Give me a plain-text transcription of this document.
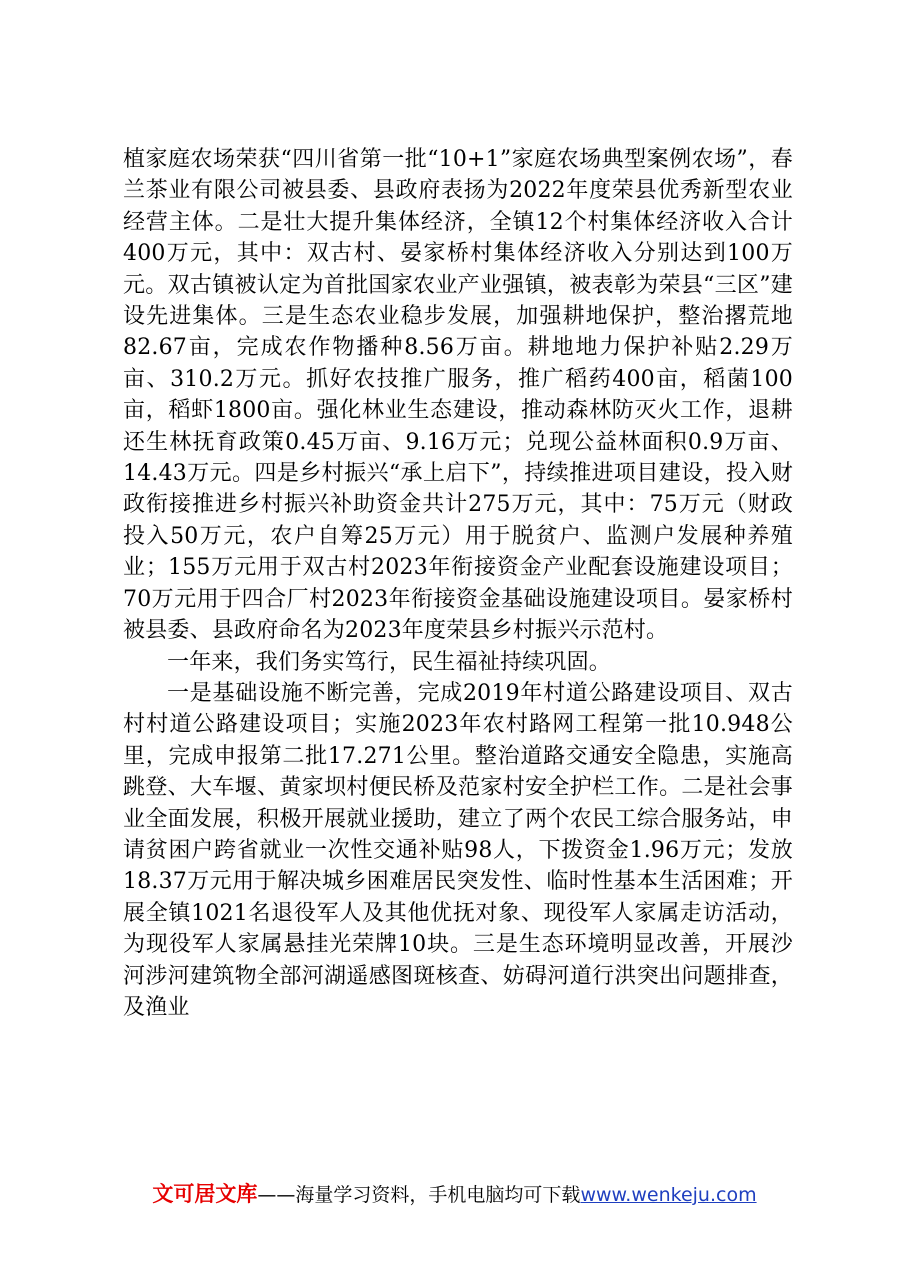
植家庭农场荣获“四川省第一批“10+1”家庭农场典型案例农场”，春兰茶业有限公司被县委、县政府表扬为2022年度荣县优秀新型农业经营主体。二是壮大提升集体经济，全镇12个村集体经济收入合计400万元，其中：双古村、晏家桥村集体经济收入分别达到100万元。双古镇被认定为首批国家农业产业强镇，被表彰为荣县“三区”建设先进集体。三是生态农业稳步发展，加强耕地保护，整治撂荒地82.67亩，完成农作物播种8.56万亩。耕地地力保护补贴2.29万亩、310.2万元。抓好农技推广服务，推广稻药400亩，稻菌100亩，稻虾1800亩。强化林业生态建设，推动森林防灭火工作，退耕还生林抚育政策0.45万亩、9.16万元；兑现公益林面积0.9万亩、14.43万元。四是乡村振兴“承上启下”，持续推进项目建设，投入财政衔接推进乡村振兴补助资金共计275万元，其中：75万元（财政投入50万元，农户自筹25万元）用于脱贫户、监测户发展种养殖业；155万元用于双古村2023年衔接资金产业配套设施建设项目；70万元用于四合厂村2023年衔接资金基础设施建设项目。晏家桥村被县委、县政府命名为2023年度荣县乡村振兴示范村。

一年来，我们务实笃行，民生福祉持续巩固。

一是基础设施不断完善，完成2019年村道公路建设项目、双古村村道公路建设项目；实施2023年农村路网工程第一批10.948公里，完成申报第二批17.271公里。整治道路交通安全隐患，实施高跳登、大车堰、黄家坝村便民桥及范家村安全护栏工作。二是社会事业全面发展，积极开展就业援助，建立了两个农民工综合服务站，申请贫困户跨省就业一次性交通补贴98人，下拨资金1.96万元；发放18.37万元用于解决城乡困难居民突发性、临时性基本生活困难；开展全镇1021名退役军人及其他优抚对象、现役军人家属走访活动，为现役军人家属悬挂光荣牌10块。三是生态环境明显改善，开展沙河涉河建筑物全部河湖遥感图斑核查、妨碍河道行洪突出问题排查，及渔业

文可居文库——海量学习资料，手机电脑均可下载www.wenkeju.com
